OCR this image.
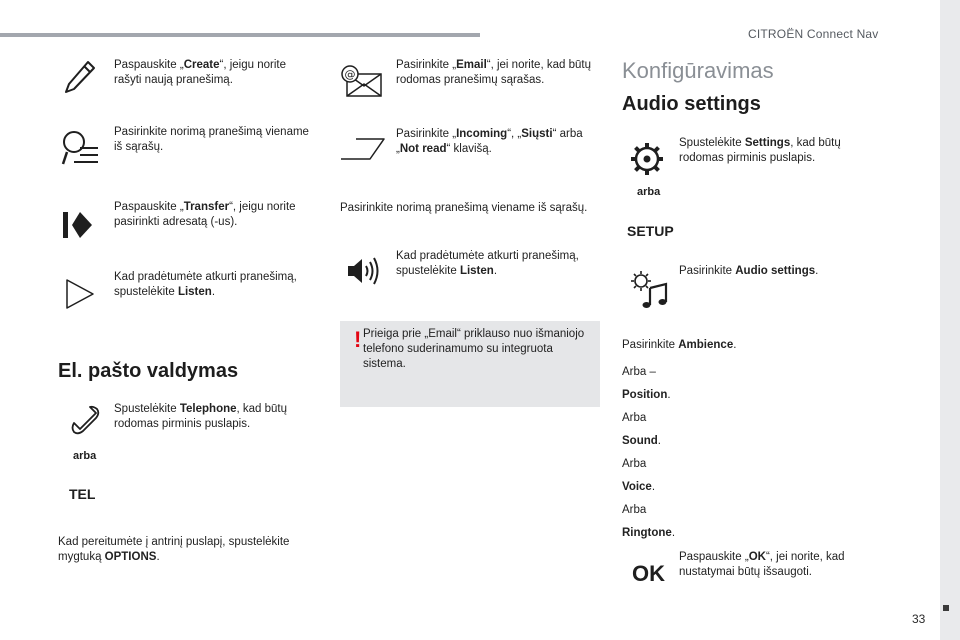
CITROËN Connect Nav
33
Paspauskite „Create“, jeigu norite rašyti naują pranešimą.
Pasirinkite norimą pranešimą viename iš sąrašų.
Paspauskite „Transfer“, jeigu norite pasirinkti adresatą (-us).
Kad pradėtumėte atkurti pranešimą, spustelėkite Listen.
El. pašto valdymas
Spustelėkite Telephone, kad būtų rodomas pirminis puslapis.
arba
TEL
Kad pereitumėte į antrinį puslapį, spustelėkite mygtuką OPTIONS.
@
Pasirinkite „Email“, jei norite, kad būtų rodomas pranešimų sąrašas.
Pasirinkite „Incoming“, „Siųsti“ arba „Not read“ klavišą.
Pasirinkite norimą pranešimą viename iš sąrašų.
Kad pradėtumėte atkurti pranešimą, spustelėkite Listen.
! Prieiga prie „Email“ priklauso nuo išmaniojo telefono suderinamumo su integruota sistema.
Konfigūravimas
Audio settings
Spustelėkite Settings, kad būtų rodomas pirminis puslapis.
arba
SETUP
Pasirinkite Audio settings.
Pasirinkite Ambience.
Arba –
Position.
Arba
Sound.
Arba
Voice.
Arba
Ringtone.
Paspauskite „OK“, jei norite, kad nustatymai būtų išsaugoti.
OK
